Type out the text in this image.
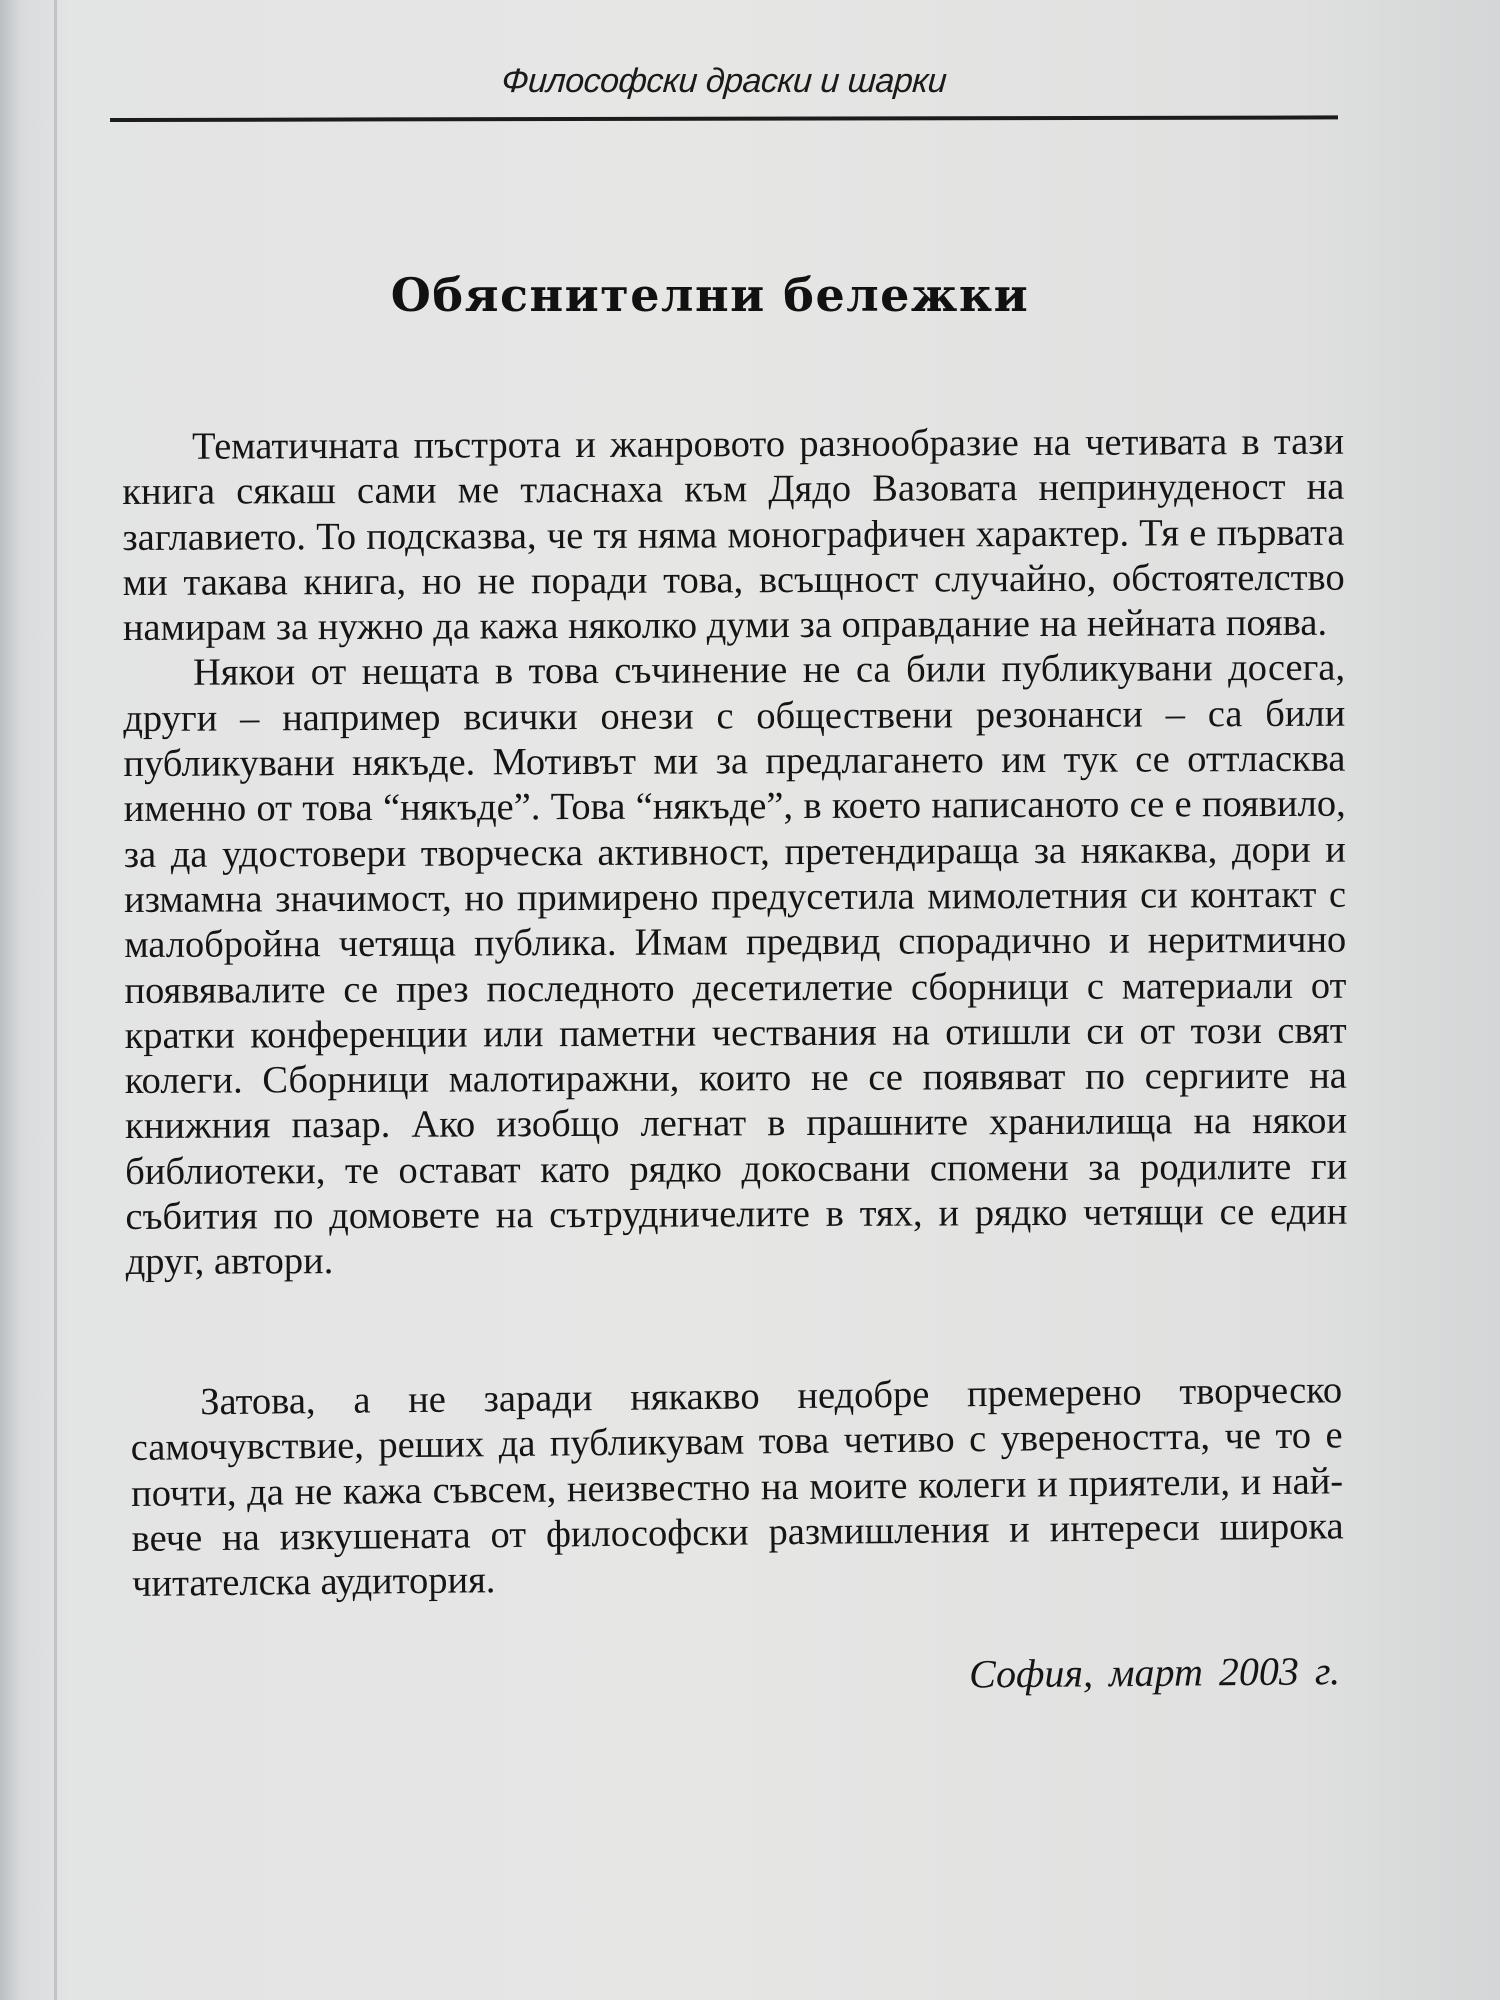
Философски драски и шарки
Обяснителни бележки

Тематичната пъстрота и жанровото разнообразие на четивата в тази книга сякаш сами ме тласнаха към Дядо Вазовата непринуденост на заглавието. То подсказва, че тя няма монографичен характер. Тя е първата ми такава книга, но не поради това, всъщност случайно, обстоятелство намирам за нужно да кажа няколко думи за оправдание на нейната поява.

Някои от нещата в това съчинение не са били публикувани досега, други – например всички онези с обществени резонанси – са били публикувани някъде. Мотивът ми за предлагането им тук се оттласква именно от това “някъде”. Това “някъде”, в което написаното се е появило, за да удостовери творческа активност, претендираща за някаква, дори и измамна значимост, но примирено предусетила мимолетния си контакт с малобройна четяща публика. Имам предвид спорадично и неритмично появявалите се през последното десетилетие сборници с материали от кратки конференции или паметни чествания на отишли си от този свят колеги. Сборници малотиражни, които не се появяват по сергиите на книжния пазар. Ако изобщо легнат в прашните хранилища на някои библиотеки, те остават като рядко докосвани спомени за родилите ги събития по домовете на сътрудничелите в тях, и рядко четящи се един друг, автори.

Затова, а не заради някакво недобре премерено творческо самочувствие, реших да публикувам това четиво с увереността, че то е почти, да не кажа съвсем, неизвестно на моите колеги и приятели, и най-вече на изкушената от философски размишления и интереси широка читателска аудитория.

София, март 2003 г.
